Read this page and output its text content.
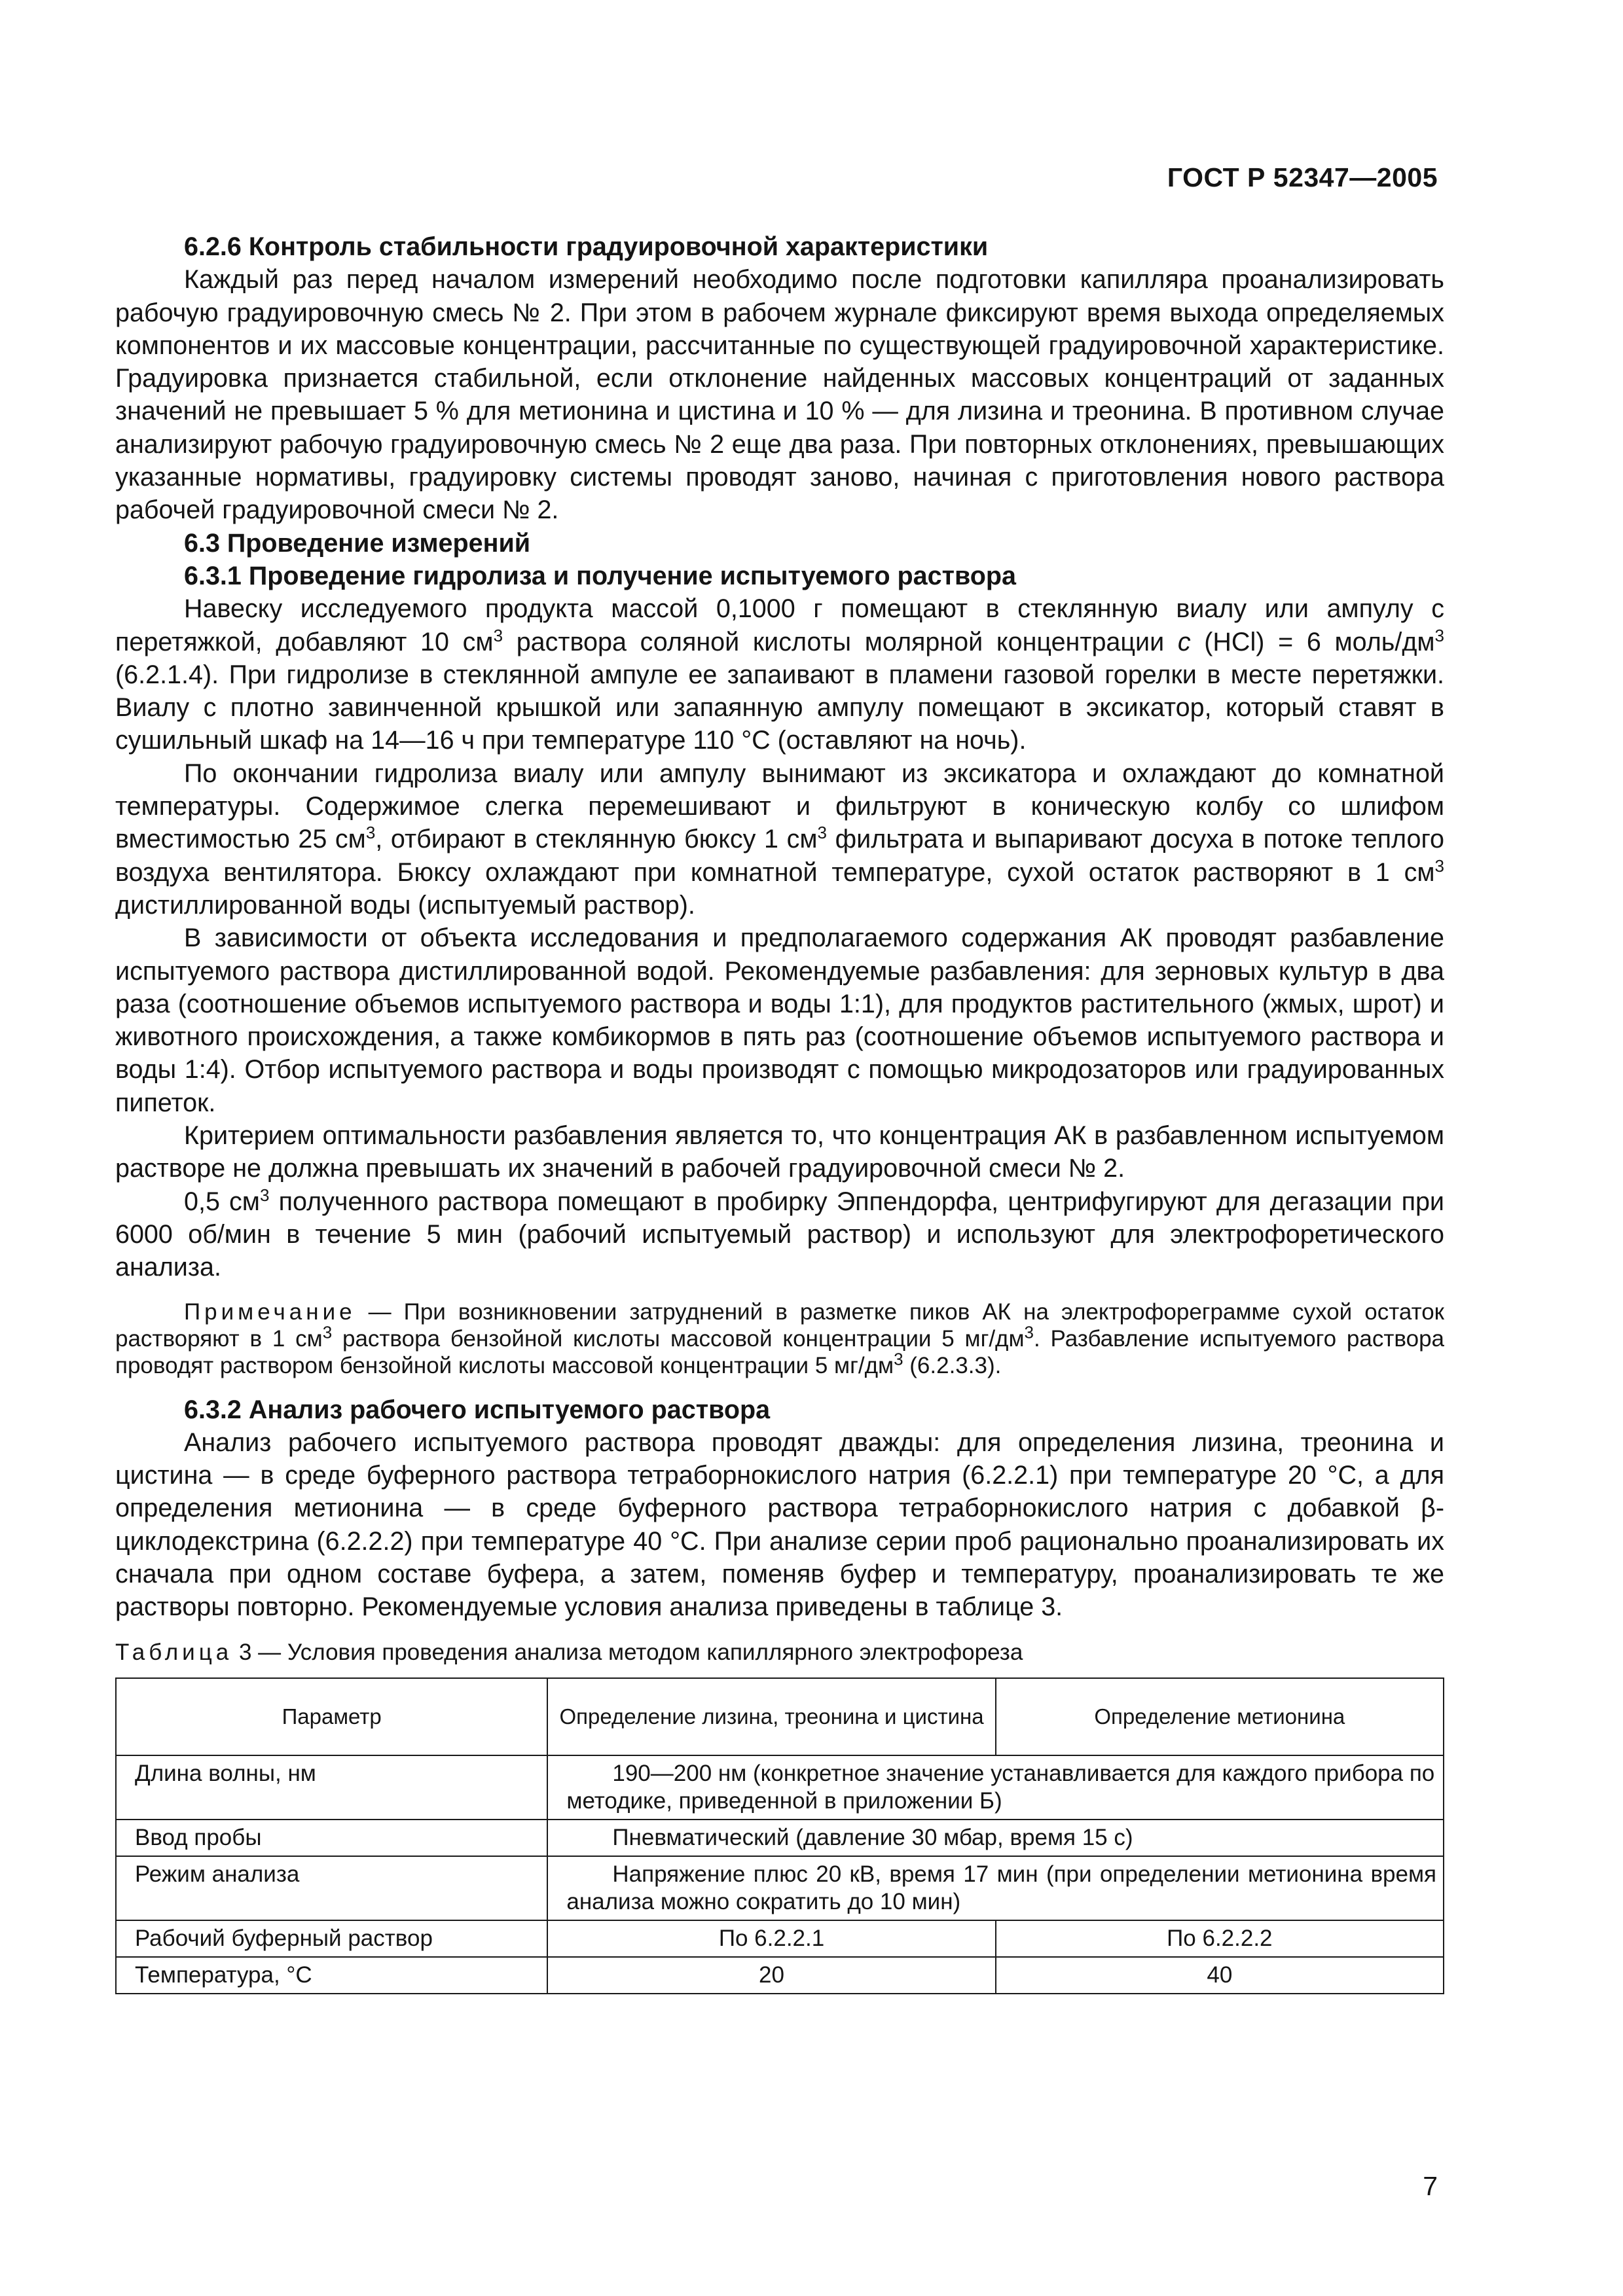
ГОСТ Р 52347—2005
6.2.6 Контроль стабильности градуировочной характеристики

Каждый раз перед началом измерений необходимо после подготовки капилляра проанализировать рабочую градуировочную смесь № 2. При этом в рабочем журнале фиксируют время выхода определяемых компонентов и их массовые концентрации, рассчитанные по существующей градуировочной характеристике. Градуировка признается стабильной, если отклонение найденных массовых концентраций от заданных значений не превышает 5 % для метионина и цистина и 10 % — для лизина и треонина. В противном случае анализируют рабочую градуировочную смесь № 2 еще два раза. При повторных отклонениях, превышающих указанные нормативы, градуировку системы проводят заново, начиная с приготовления нового раствора рабочей градуировочной смеси № 2.

6.3 Проведение измерений
6.3.1 Проведение гидролиза и получение испытуемого раствора

Навеску исследуемого продукта массой 0,1000 г помещают в стеклянную виалу или ампулу с перетяжкой, добавляют 10 $см^3$ раствора соляной кислоты молярной концентрации c (HCl) = 6 моль/$дм^3$ (6.2.1.4). При гидролизе в стеклянной ампуле ее запаивают в пламени газовой горелки в месте перетяжки. Виалу с плотно завинченной крышкой или запаянную ампулу помещают в эксикатор, который ставят в сушильный шкаф на 14—16 ч при температуре 110 °С (оставляют на ночь).

По окончании гидролиза виалу или ампулу вынимают из эксикатора и охлаждают до комнатной температуры. Содержимое слегка перемешивают и фильтруют в коническую колбу со шлифом вместимостью 25 $см^3$, отбирают в стеклянную бюксу 1 $см^3$ фильтрата и выпаривают досуха в потоке теплого воздуха вентилятора. Бюксу охлаждают при комнатной температуре, сухой остаток растворяют в 1 $см^3$ дистиллированной воды (испытуемый раствор).

В зависимости от объекта исследования и предполагаемого содержания АК проводят разбавление испытуемого раствора дистиллированной водой. Рекомендуемые разбавления: для зерновых культур в два раза (соотношение объемов испытуемого раствора и воды 1:1), для продуктов растительного (жмых, шрот) и животного происхождения, а также комбикормов в пять раз (соотношение объемов испытуемого раствора и воды 1:4). Отбор испытуемого раствора и воды производят с помощью микродозаторов или градуированных пипеток.

Критерием оптимальности разбавления является то, что концентрация АК в разбавленном испытуемом растворе не должна превышать их значений в рабочей градуировочной смеси № 2.

0,5 $см^3$ полученного раствора помещают в пробирку Эппендорфа, центрифугируют для дегазации при 6000 об/мин в течение 5 мин (рабочий испытуемый раствор) и используют для электрофоретического анализа.

Примечание — При возникновении затруднений в разметке пиков АК на электрофореграмме сухой остаток растворяют в 1 $см^3$ раствора бензойной кислоты массовой концентрации 5 $мг/дм^3$. Разбавление испытуемого раствора проводят раствором бензойной кислоты массовой концентрации 5 $мг/дм^3$ (6.2.3.3).

6.3.2 Анализ рабочего испытуемого раствора

Анализ рабочего испытуемого раствора проводят дважды: для определения лизина, треонина и цистина — в среде буферного раствора тетраборнокислого натрия (6.2.2.1) при температуре 20 °С, а для определения метионина — в среде буферного раствора тетраборнокислого натрия с добавкой β-циклодекстрина (6.2.2.2) при температуре 40 °С. При анализе серии проб рационально проанализировать их сначала при одном составе буфера, а затем, поменяв буфер и температуру, проанализировать те же растворы повторно. Рекомендуемые условия анализа приведены в таблице 3.

Таблица 3 — Условия проведения анализа методом капиллярного электрофореза

Параметр	Определение лизина, треонина и цистина	Определение метионина
Длина волны, нм	190—200 нм (конкретное значение устанавливается для каждого прибора по методике, приведенной в приложении Б)	
Ввод пробы	Пневматический (давление 30 мбар, время 15 с)	
Режим анализа	Напряжение плюс 20 кВ, время 17 мин (при определении метионина время анализа можно сократить до 10 мин)	
Рабочий буферный раствор	По 6.2.2.1	По 6.2.2.2
Температура, °С	20	40
7
